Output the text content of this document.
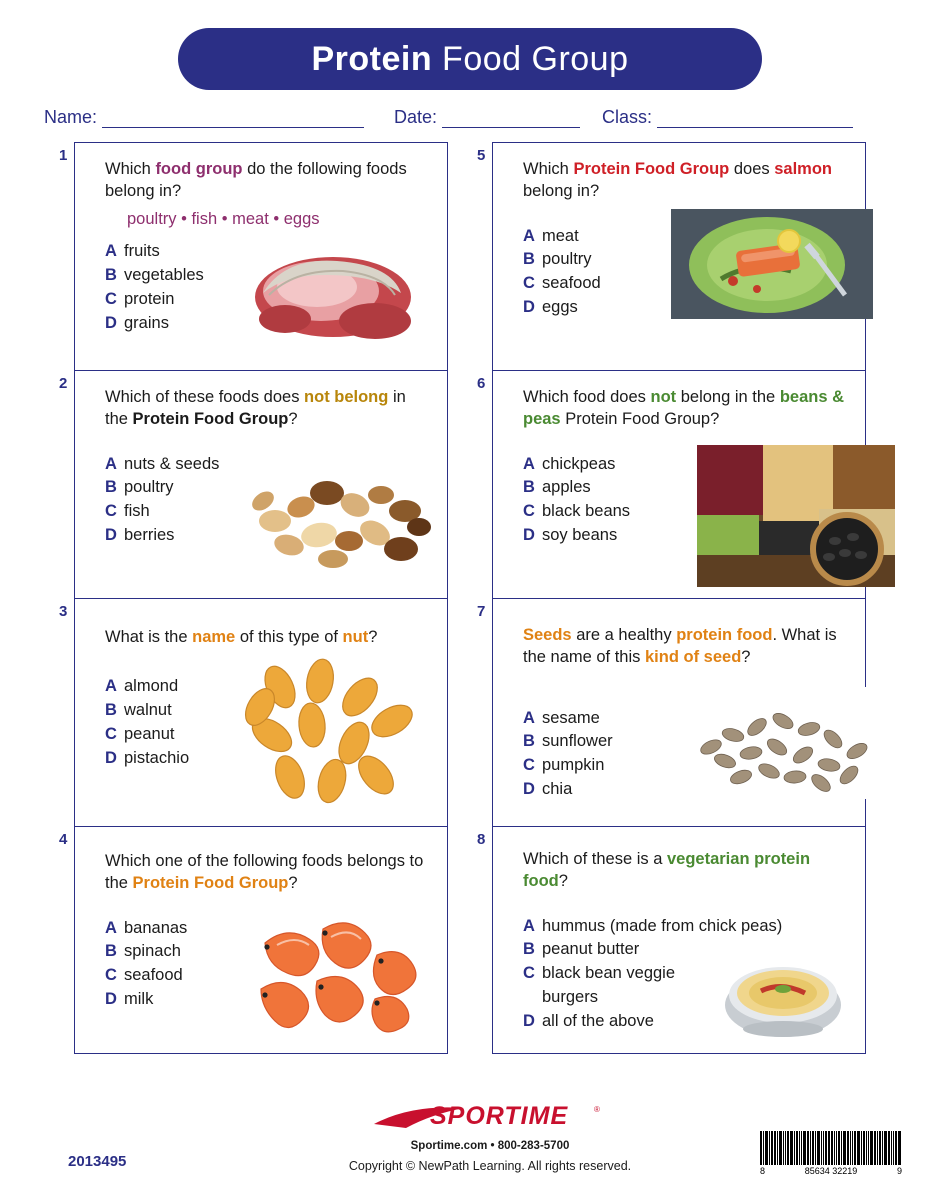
Protein Food Group
Name:	Date:	Class:
1

Which food group do the following foods belong in?

poultry • fish • meat • eggs

A fruits
B vegetables
C protein
D grains
2

Which of these foods does not belong in the Protein Food Group?

A nuts & seeds
B poultry
C fish
D berries
3

What is the name of this type of nut?

A almond
B walnut
C peanut
D pistachio
4

Which one of the following foods belongs to the Protein Food Group?

A bananas
B spinach
C seafood
D milk
5

Which Protein Food Group does salmon belong in?

A meat
B poultry
C seafood
D eggs
6

Which food does not belong in the beans & peas Protein Food Group?

A chickpeas
B apples
C black beans
D soy beans
7

Seeds are a healthy protein food. What is the name of this kind of seed?

A sesame
B sunflower
C pumpkin
D chia
8

Which of these is a vegetarian protein food?

A hummus (made from chick peas)
B peanut butter
C black bean veggie burgers
D all of the above
SPORTIME	®
Sportime.com • 800-283-5700
Copyright © NewPath Learning. All rights reserved.
2013495
8	85634 32219	9
